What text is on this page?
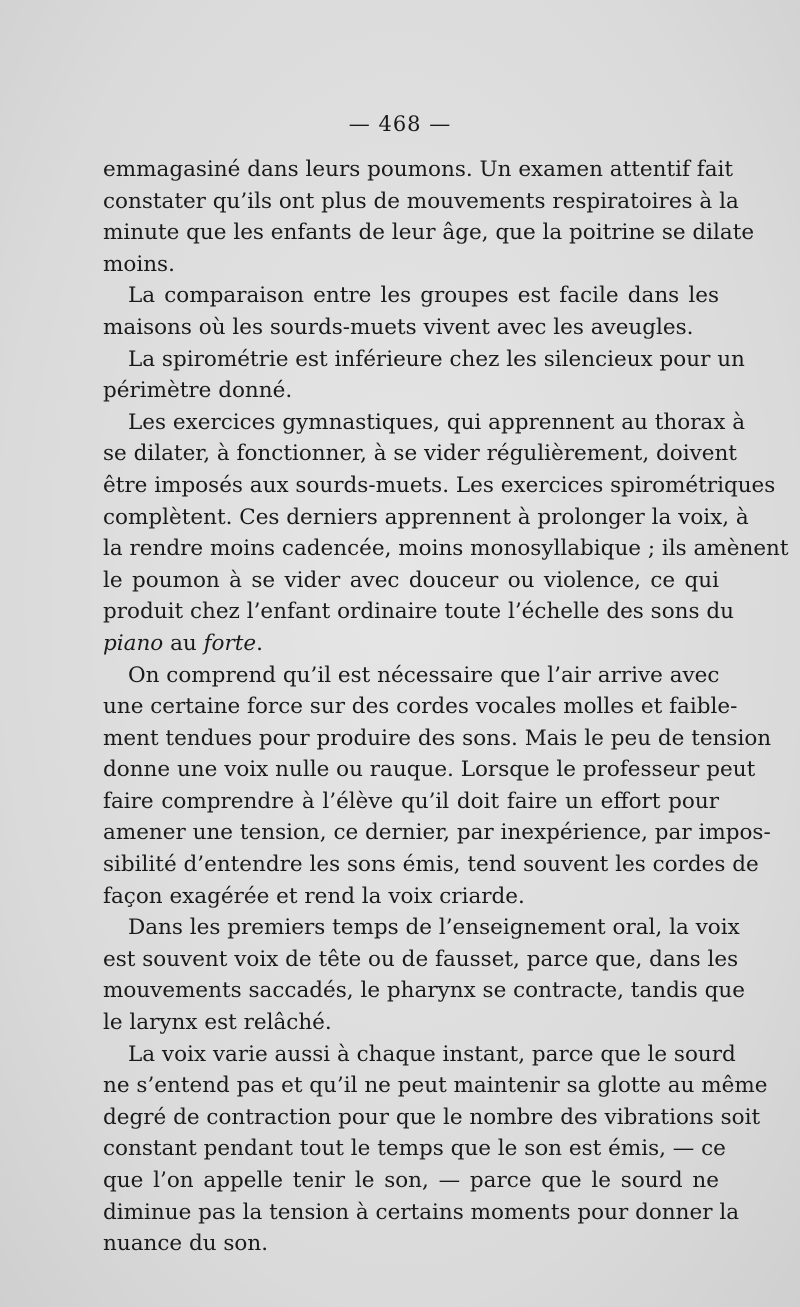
— 468 —

emmagasiné dans leurs poumons. Un examen attentif fait
constater qu’ils ont plus de mouvements respiratoires à la
minute que les enfants de leur âge, que la poitrine se dilate
moins.

La comparaison entre les groupes est facile dans les
maisons où les sourds-muets vivent avec les aveugles.

La spirométrie est inférieure chez les silencieux pour un
périmètre donné.

Les exercices gymnastiques, qui apprennent au thorax à
se dilater, à fonctionner, à se vider régulièrement, doivent
être imposés aux sourds-muets. Les exercices spirométriques
complètent. Ces derniers apprennent à prolonger la voix, à
la rendre moins cadencée, moins monosyllabique ; ils amènent
le poumon à se vider avec douceur ou violence, ce qui
produit chez l’enfant ordinaire toute l’échelle des sons du
piano au forte.

On comprend qu’il est nécessaire que l’air arrive avec
une certaine force sur des cordes vocales molles et faible-
ment tendues pour produire des sons. Mais le peu de tension
donne une voix nulle ou rauque. Lorsque le professeur peut
faire comprendre à l’élève qu’il doit faire un effort pour
amener une tension, ce dernier, par inexpérience, par impos-
sibilité d’entendre les sons émis, tend souvent les cordes de
façon exagérée et rend la voix criarde.

Dans les premiers temps de l’enseignement oral, la voix
est souvent voix de tête ou de fausset, parce que, dans les
mouvements saccadés, le pharynx se contracte, tandis que
le larynx est relâché.

La voix varie aussi à chaque instant, parce que le sourd
ne s’entend pas et qu’il ne peut maintenir sa glotte au même
degré de contraction pour que le nombre des vibrations soit
constant pendant tout le temps que le son est émis, — ce
que l’on appelle tenir le son, — parce que le sourd ne
diminue pas la tension à certains moments pour donner la
nuance du son.
